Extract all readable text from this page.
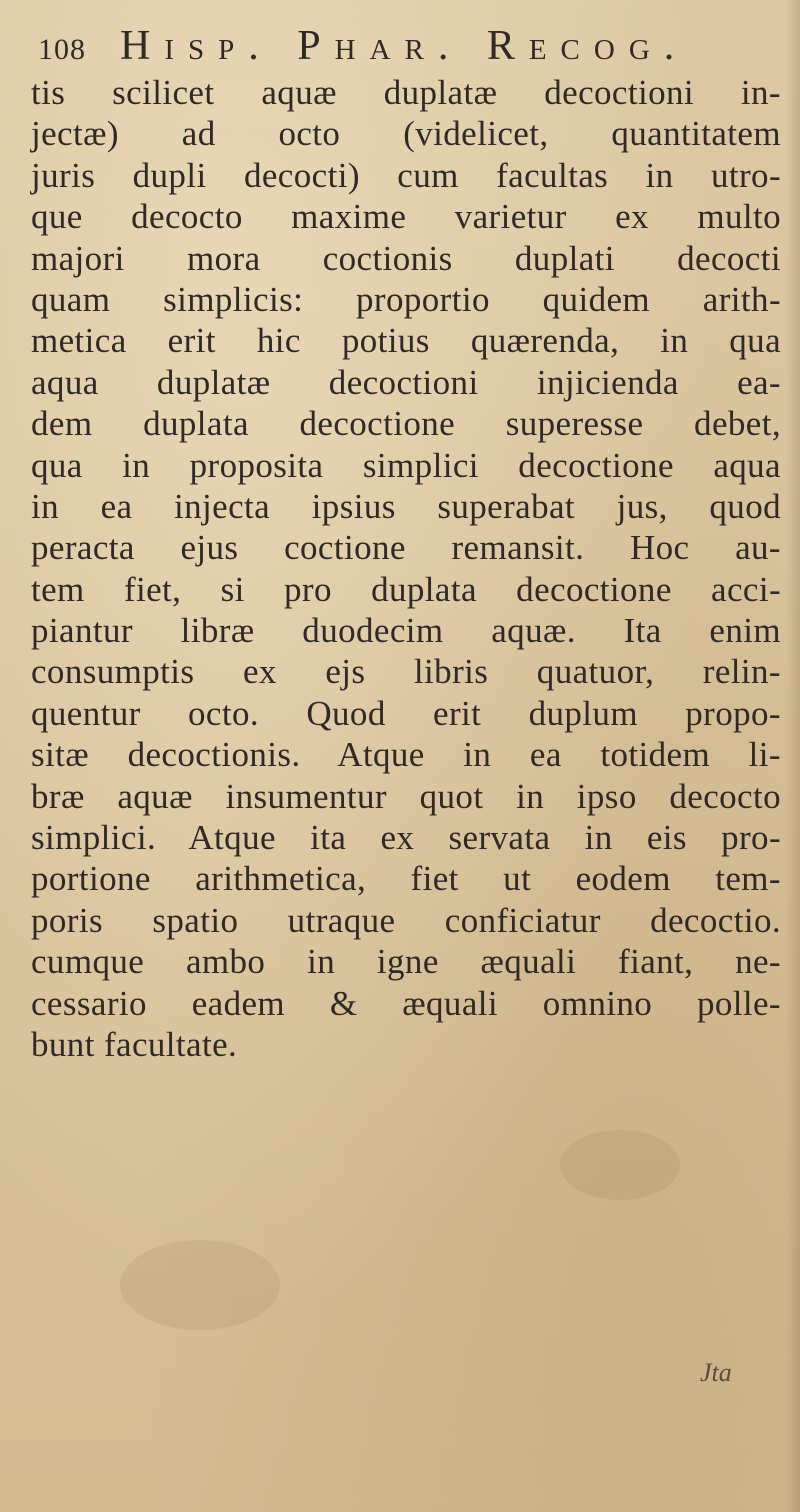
108 Hisp. Phar. Recog.
tis scilicet aquæ duplatæ decoctioni in-
jectæ) ad octo (videlicet, quantitatem
juris dupli decocti) cum facultas in utro-
que decocto maxime varietur ex multo
majori mora coctionis duplati decocti
quam simplicis: proportio quidem arith-
metica erit hic potius quærenda, in qua
aqua duplatæ decoctioni injicienda ea-
dem duplata decoctione superesse debet,
qua in proposita simplici decoctione aqua
in ea injecta ipsius superabat jus, quod
peracta ejus coctione remansit. Hoc au-
tem fiet, si pro duplata decoctione acci-
piantur libræ duodecim aquæ. Ita enim
consumptis ex ejs libris quatuor, relin-
quentur octo. Quod erit duplum propo-
sitæ decoctionis. Atque in ea totidem li-
bræ aquæ insumentur quot in ipso decocto
simplici. Atque ita ex servata in eis pro-
portione arithmetica, fiet ut eodem tem-
poris spatio utraque conficiatur decoctio.
cumque ambo in igne æquali fiant, ne-
cessario eadem & æquali omnino polle-
bunt facultate.
Jta
